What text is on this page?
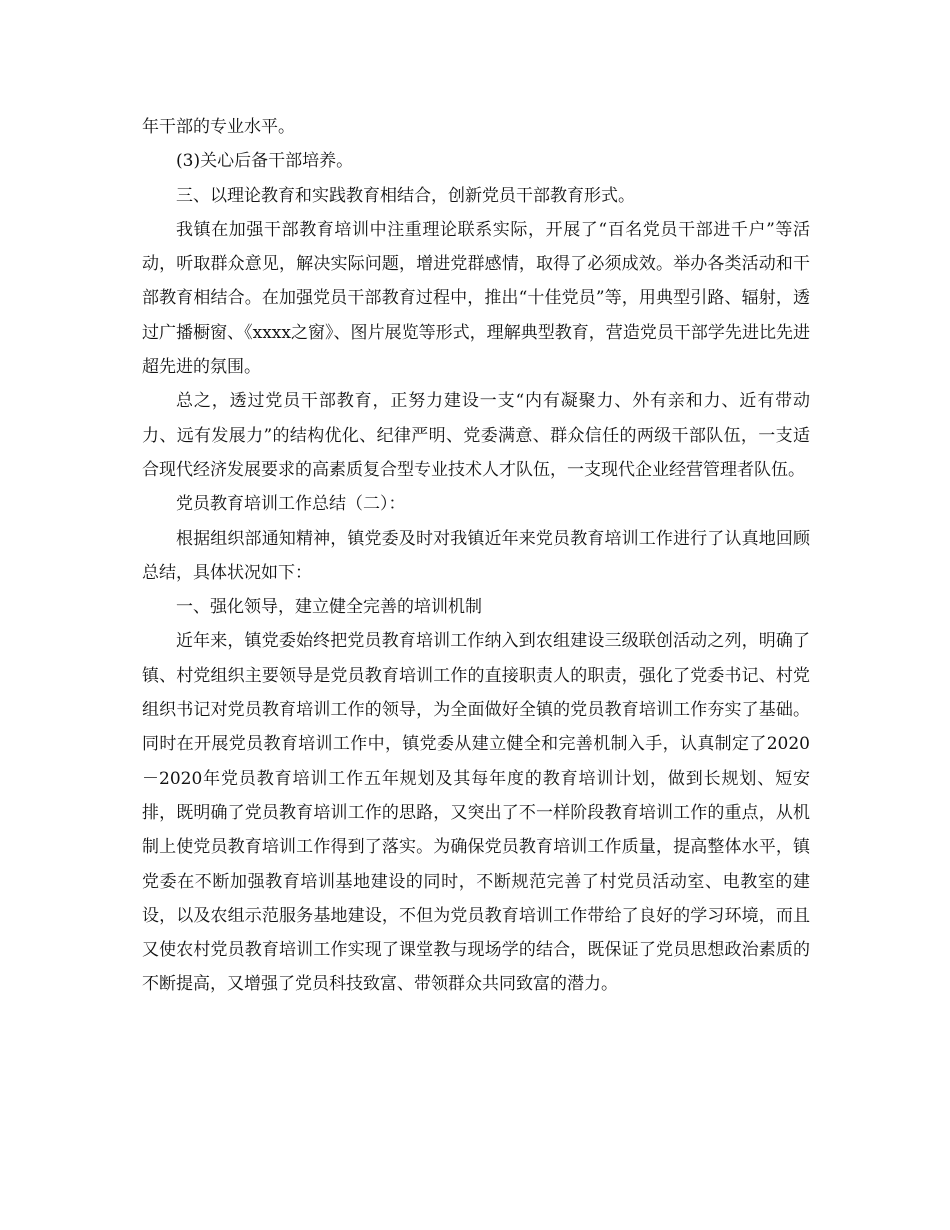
年干部的专业水平。

(3)关心后备干部培养。

三、以理论教育和实践教育相结合，创新党员干部教育形式。

我镇在加强干部教育培训中注重理论联系实际，开展了“百名党员干部进千户”等活动，听取群众意见，解决实际问题，增进党群感情，取得了必须成效。举办各类活动和干部教育相结合。在加强党员干部教育过程中，推出“十佳党员”等，用典型引路、辐射，透过广播橱窗、《xxxx之窗》、图片展览等形式，理解典型教育，营造党员干部学先进比先进超先进的氛围。

总之，透过党员干部教育，正努力建设一支“内有凝聚力、外有亲和力、近有带动力、远有发展力”的结构优化、纪律严明、党委满意、群众信任的两级干部队伍，一支适合现代经济发展要求的高素质复合型专业技术人才队伍，一支现代企业经营管理者队伍。

党员教育培训工作总结（二）：

根据组织部通知精神，镇党委及时对我镇近年来党员教育培训工作进行了认真地回顾总结，具体状况如下：

一、强化领导，建立健全完善的培训机制

近年来，镇党委始终把党员教育培训工作纳入到农组建设三级联创活动之列，明确了镇、村党组织主要领导是党员教育培训工作的直接职责人的职责，强化了党委书记、村党组织书记对党员教育培训工作的领导，为全面做好全镇的党员教育培训工作夯实了基础。同时在开展党员教育培训工作中，镇党委从建立健全和完善机制入手，认真制定了2020－2020年党员教育培训工作五年规划及其每年度的教育培训计划，做到长规划、短安排，既明确了党员教育培训工作的思路，又突出了不一样阶段教育培训工作的重点，从机制上使党员教育培训工作得到了落实。为确保党员教育培训工作质量，提高整体水平，镇党委在不断加强教育培训基地建设的同时，不断规范完善了村党员活动室、电教室的建设，以及农组示范服务基地建设，不但为党员教育培训工作带给了良好的学习环境，而且又使农村党员教育培训工作实现了课堂教与现场学的结合，既保证了党员思想政治素质的不断提高，又增强了党员科技致富、带领群众共同致富的潜力。
